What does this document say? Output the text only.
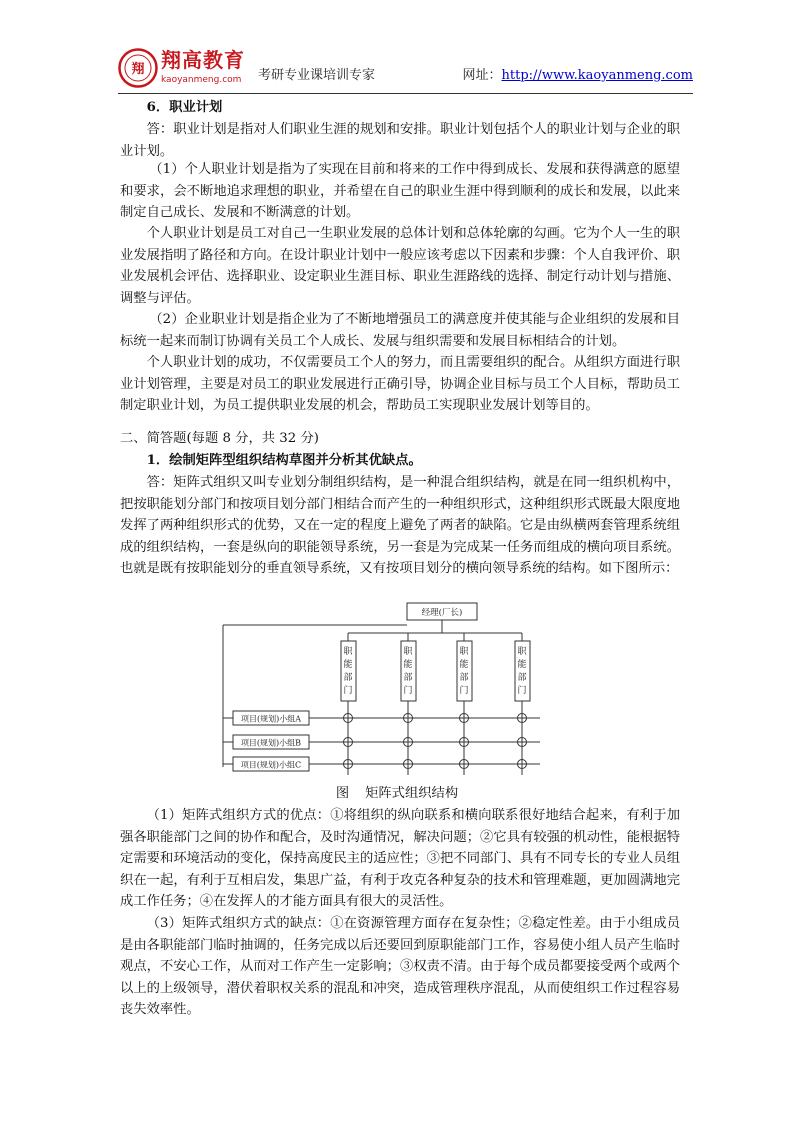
翔 翔高教育
kaoyanmeng.com 考研专业课培训专家	网址：http://www.kaoyanmeng.com

6．职业计划

答：职业计划是指对人们职业生涯的规划和安排。职业计划包括个人的职业计划与企业的职业计划。

（1）个人职业计划是指为了实现在目前和将来的工作中得到成长、发展和获得满意的愿望和要求，会不断地追求理想的职业，并希望在自己的职业生涯中得到顺利的成长和发展，以此来制定自己成长、发展和不断满意的计划。

个人职业计划是员工对自己一生职业发展的总体计划和总体轮廓的勾画。它为个人一生的职业发展指明了路径和方向。在设计职业计划中一般应该考虑以下因素和步骤：个人自我评价、职业发展机会评估、选择职业、设定职业生涯目标、职业生涯路线的选择、制定行动计划与措施、调整与评估。

（2）企业职业计划是指企业为了不断地增强员工的满意度并使其能与企业组织的发展和目标统一起来而制订协调有关员工个人成长、发展与组织需要和发展目标相结合的计划。

个人职业计划的成功，不仅需要员工个人的努力，而且需要组织的配合。从组织方面进行职业计划管理，主要是对员工的职业发展进行正确引导，协调企业目标与员工个人目标，帮助员工制定职业计划，为员工提供职业发展的机会，帮助员工实现职业发展计划等目的。

二、简答题(每题 8 分，共 32 分)

1．绘制矩阵型组织结构草图并分析其优缺点。

答：矩阵式组织又叫专业划分制组织结构，是一种混合组织结构，就是在同一组织机构中，把按职能划分部门和按项目划分部门相结合而产生的一种组织形式，这种组织形式既最大限度地发挥了两种组织形式的优势，又在一定的程度上避免了两者的缺陷。它是由纵横两套管理系统组成的组织结构，一套是纵向的职能领导系统，另一套是为完成某一任务而组成的横向项目系统。也就是既有按职能划分的垂直领导系统，又有按项目划分的横向领导系统的结构。如下图所示：

经理(厂长)
职能部门
职能部门
职能部门
职能部门
项目(规划)小组A
项目(规划)小组B
项目(规划)小组C
图 矩阵式组织结构

（1）矩阵式组织方式的优点：①将组织的纵向联系和横向联系很好地结合起来，有利于加强各职能部门之间的协作和配合，及时沟通情况，解决问题；②它具有较强的机动性，能根据特定需要和环境活动的变化，保持高度民主的适应性；③把不同部门、具有不同专长的专业人员组织在一起，有利于互相启发，集思广益，有利于攻克各种复杂的技术和管理难题，更加圆满地完成工作任务；④在发挥人的才能方面具有很大的灵活性。

（3）矩阵式组织方式的缺点：①在资源管理方面存在复杂性；②稳定性差。由于小组成员是由各职能部门临时抽调的，任务完成以后还要回到原职能部门工作，容易使小组人员产生临时观点，不安心工作，从而对工作产生一定影响；③权责不清。由于每个成员都要接受两个或两个以上的上级领导，潜伏着职权关系的混乱和冲突，造成管理秩序混乱，从而使组织工作过程容易丧失效率性。
